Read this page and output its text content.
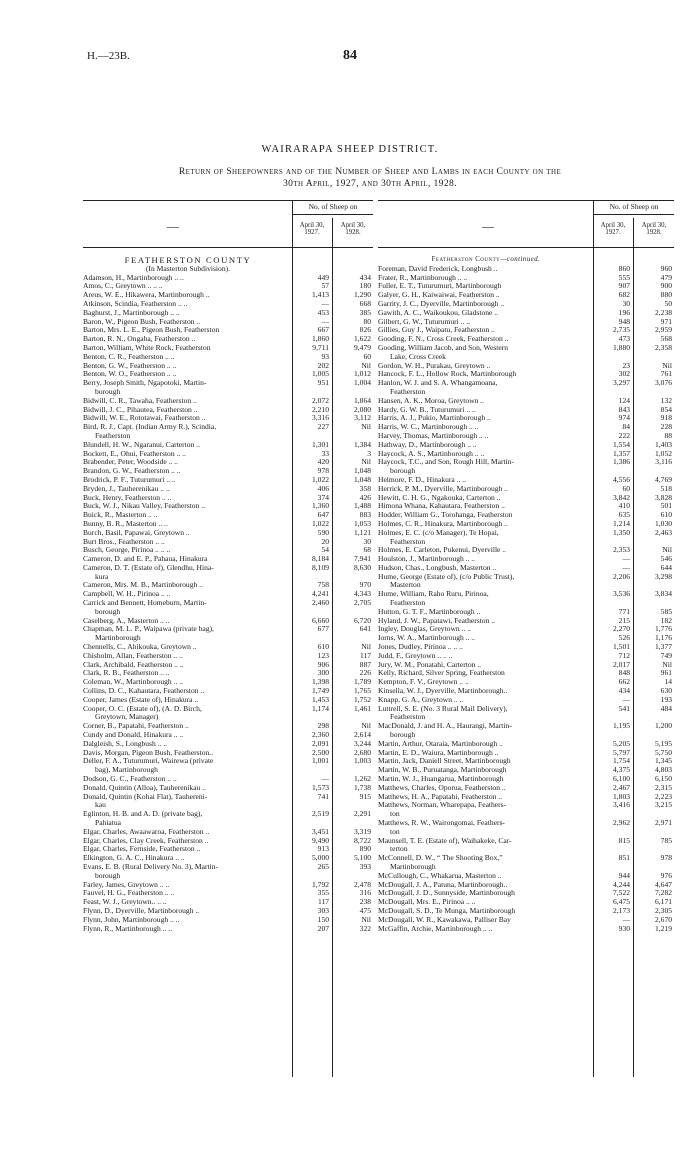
H.—23B.	84
WAIRARAPA SHEEP DISTRICT.
Return of Sheepowners and of the Number of Sheep and Lambs in each County on the
30th April, 1927, and 30th April, 1928.
—
No. of Sheep on
April 30, 1927.
April 30, 1928.
FEATHERSTON COUNTY
(In Masterton Subdivision).
Adamson, H., Martinborough .. ..	449	434
Amos, C., Greytown .. .. ..	57	180
Areus, W. E., Hikawera, Martinborough ..	1,413	1,290
Atkinson, Scindia, Featherston .. ..	—	668
Baghurst, J., Martinborough .. ..	453	385
Baron, W., Pigeon Bush, Featherston ..	—	80
Barton, Mrs. L. E., Pigeon Bush, Featherston	667	826
Barton, R. N., Ongaha, Featherston ..	1,860	1,622
Barton, William, White Rock, Featherston	9,711	9,479
Benton, C. R., Featherston .. ..	93	60
Benton, G. W., Featherston .. ..	202	Nil
Benton, W. O., Featherston .. ..	1,005	1,012
Berry, Joseph Smith, Ngapotoki, Martin-	951	1,004
borough
Bidwill, C. R., Tawaha, Featherston ..	2,072	1,864
Bidwill, J. C., Pihautea, Featherston ..	2,210	2,080
Bidwill, W. E., Rototawai, Featherston ..	3,316	3,112
Bird, R. J., Capt. (Indian Army R.), Scindia,	227	Nil
Featherston
Blundell, H. W., Ngaranui, Carterton ..	1,301	1,384
Bockett, E., Ohui, Featherston .. ..	33	3
Brabender, Peter, Woodside .. ..	420	Nil
Brandon, G. W., Featherston .. ..	978	1,048
Brodrick, P. F., Tuturumuri .. ..	1,022	1,048
Bryden, J., Tauherenikau .. ..	406	358
Buck, Henry, Featherston .. ..	374	426
Buck, W. J., Nikau Valley, Featherston ..	1,360	1,488
Buick, R., Masterton .. ..	647	883
Bunny, B. R., Masterton .. ..	1,022	1,053
Burch, Basil, Papawai, Greytown ..	590	1,121
Burt Bros., Featherston .. ..	20	30
Busch, George, Pirinoa .. .. ..	54	68
Cameron, D. and E. P., Pahaua, Hinakura	8,184	7,941
Cameron, D. T. (Estate of), Glendhu, Hina-	8,109	8,630
kura
Cameron, Mrs. M. B., Martinborough ..	758	970
Campbell, W. H., Pirinoa .. ..	4,241	4,343
Carrick and Bennett, Homeburn, Martin-	2,460	2,705
borough
Caselberg, A., Masterton .. ..	6,660	6,720
Chapman, M. L. P., Waipawa (private bag),	677	641
Martinborough
Chennells, C., Ahikouka, Greytown ..	610	Nil
Chisholm, Allan, Featherston .. ..	123	117
Clark, Archibald, Featherston .. ..	906	887
Clark, R. B., Featherston .. ..	300	226
Coleman, W., Martinborough .. ..	1,398	1,789
Collins, D. C., Kahautara, Featherston ..	1,749	1,765
Cooper, James (Estate of), Hinakura ..	1,453	1,752
Cooper, O. C. (Estate of), (A. D. Birch,	1,174	1,461
Greytown, Manager)
Corner, B., Papatahi, Featherston ..	298	Nil
Cundy and Donald, Hinakura .. ..	2,360	2,614
Dalgleish, S., Longbush .. ..	2,091	3,244
Davis, Morgan, Pigeon Bush, Featherston..	2,500	2,680
Deller, F. A., Tuturumuri, Wairewa (private	1,001	1,003
bag), Martinborough
Dodson, G. C., Featherston .. ..	—	1,262
Donald, Quintin (Alloa), Tauherenikau ..	1,573	1,738
Donald, Quintin (Kohai Flat), Tauhereni-	741	915
kau
Eglinton, H. B. and A. D. (private bag),	2,519	2,291
Pahiatua
Elgar, Charles, Awaawaroa, Featherston ..	3,451	3,319
Elgar, Charles, Clay Creek, Featherston ..	9,490	8,722
Elgar, Charles, Fernside, Featherston ..	913	890
Elkington, G. A. C., Hinakura .. ..	5,000	5,100
Evans, E. B. (Rural Delivery No. 3), Martin-	265	393
borough
Farley, James, Greytown .. ..	1,792	2,478
Fauvel, H. G., Featherston .. ..	355	316
Feast, W. J., Greytown.. .. ..	117	238
Flynn, D., Dyerville, Martinborough ..	303	475
Flynn, John, Martinborough .. ..	150	Nil
Flynn, R., Martinborough .. ..	207	322
—
No. of Sheep on
April 30, 1927.
April 30, 1928.
Featherston County—continued.
Foreman, David Frederick, Longbush ..	860	960
Frater, R., Martinborough .. ..	555	479
Fuller, E. T., Tuturumuri, Martinborough	907	900
Galyer, G. H., Kaiwaiwai, Featherston ..	682	880
Garrity, J. C., Dyerville, Martinborough ..	30	50
Gawith, A. C., Waikoukou, Gladstone ..	196	2,238
Gilbert, G. W., Tuturumuri .. ..	948	971
Gillies, Guy J., Waipatu, Featherston ..	2,735	2,959
Gooding, F. N., Cross Creek, Featherston ..	473	568
Gooding, William Jacob, and Son, Western	1,880	2,358
Lake, Cross Creek
Gordon, W. H., Purakau, Greytown ..	23	Nil
Hancock, F. L., Hollow Rock, Martinborough	302	761
Hanlon, W. J. and S. A. Whangamoana,	3,297	3,076
Featherston
Hansen, A. K., Moroa, Greytown ..	124	132
Hardy, G. W. B., Tuturumuri .. ..	843	854
Harris, A. J., Pukio, Martinborough ..	974	918
Harris, W. C., Martinborough .. ..	84	228
Harvey, Thomas, Martinborough .. ..	222	88
Hathway, D., Martinborough .. ..	1,554	1,403
Haycock, A. S., Martinborough .. ..	1,357	1,052
Haycock, T.C., and Son, Rough Hill, Martin-	1,386	3,116
borough
Helmore, F. D., Hinakura .. ..	4,556	4,769
Herrick, P. M., Dyerville, Martinborough ..	60	518
Hewitt, C. H. G., Ngakouka, Carterton ..	3,842	3,828
Himona Whana, Kahautara, Featherston ..	410	501
Hodder, William G., Torohanga, Featherston	635	610
Holmes, C. R., Hinakura, Martinborough ..	1,214	1,030
Holmes, E. C. (c/o Manager), Te Hopai,	1,350	2,463
Featherston
Holmes, E. Carleton, Pukenui, Dyerville ..	2,353	Nil
Houlston, J., Martinborough .. ..	—	546
Hudson, Chas., Longbush, Masterton ..	—	644
Hume, George (Estate of), (c/o Public Trust),	2,206	3,298
Masterton
Hume, William, Raho Ruru, Pirinoa,	3,536	3,834
Featherston
Hutton, G. T. F., Martinborough ..	771	585
Hyland, J. W., Papatawi, Featherston ..	215	182
Ingley, Douglas, Greytown .. ..	2,270	1,776
Iorns, W. A., Martinborough .. ..	526	1,176
Jones, Dudley, Pirinoa .. .. ..	1,501	1,377
Judd, F., Greytown .. .. ..	712	749
Jury, W. M., Ponatahi, Carterton ..	2,017	Nil
Kelly, Richard, Silver Spring, Featherston	848	961
Kempton, F. V., Greytown .. ..	662	14
Kinsella, W. J., Dyerville, Martinborough..	434	630
Knapp, G. A., Greytown .. ..	—	193
Luttrell, S. E. (No. 3 Rural Mail Delivery),	541	484
Featherston
MacDonald, J. and H. A., Haurangi, Martin-	1,195	1,200
borough
Martin, Arthur, Otaraia, Martinborough ..	5,205	5,195
Martin, E. D., Waiura, Martinborough ..	5,797	5,750
Martin, Jack, Daniell Street, Martinborough	1,754	1,345
Martin, W. B., Puruatanga, Martinborough	4,375	4,803
Martin, W. J., Huangarua, Martinborough	6,100	6,150
Matthews, Charles, Oporua, Featherston ..	2,467	2,315
Matthews, H. A., Papatahi, Featherston ..	1,803	2,223
Matthews, Norman, Wharepapa, Feathers-	3,416	3,215
ton
Matthews, R. W., Wairongomai, Feathers-	2,962	2,971
ton
Maunsell, T. E. (Estate of), Waihakeke, Car-	815	785
terton
McConnell, D. W., “ The Shooting Box,”	851	978
Martinborough
McCullough, C., Whakarua, Masterton ..	944	976
McDougall, J. A., Patuna, Martinborough..	4,244	4,647
McDougall, J. D., Sunnyside, Martinborough	7,522	7,282
McDougall, Mrs. E., Pirinoa .. ..	6,475	6,171
McDougall, S. D., Te Munga, Martinborough	2,173	2,305
McDougall, W. R., Kawakawa, Palliser Bay	—	2,670
McGaffin, Archie, Martinborough .. ..	930	1,219
